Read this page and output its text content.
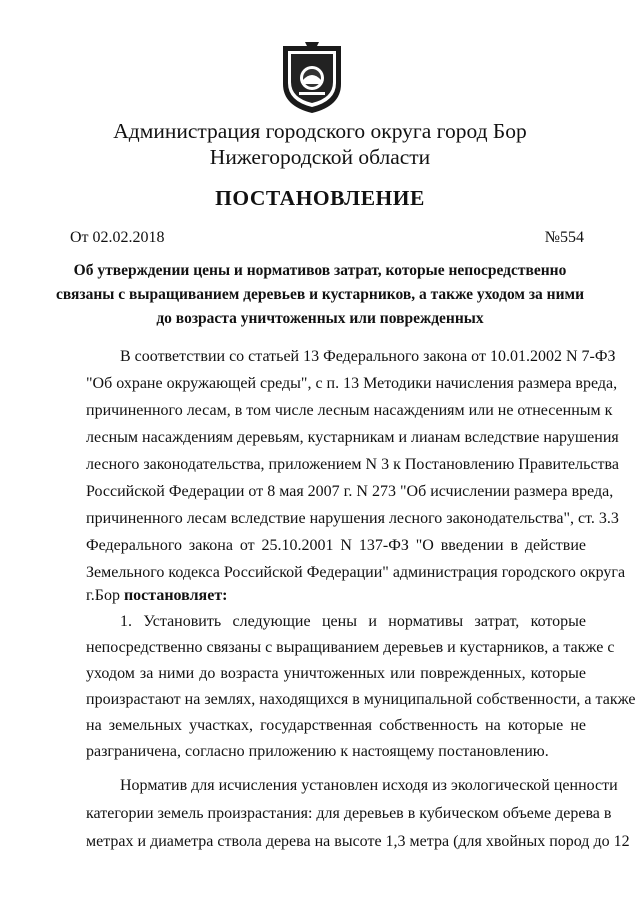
Администрация городского округа город Бор
Нижегородской области
ПОСТАНОВЛЕНИЕ
От 02.02.2018	№554
Об утверждении цены и нормативов затрат, которые непосредственно
связаны с выращиванием деревьев и кустарников, а также уходом за ними
до возраста уничтоженных или поврежденных
В соответствии со статьей 13 Федерального закона от 10.01.2002 N 7-ФЗ
"Об охране окружающей среды", с п. 13 Методики начисления размера вреда,
причиненного лесам, в том числе лесным насаждениям или не отнесенным к
лесным насаждениям деревьям, кустарникам и лианам вследствие нарушения
лесного законодательства, приложением N 3 к Постановлению Правительства
Российской Федерации от 8 мая 2007 г. N 273 "Об исчислении размера вреда,
причиненного лесам вследствие нарушения лесного законодательства", ст. 3.3
Федерального закона от 25.10.2001 N 137-ФЗ "О введении в действие
Земельного кодекса Российской Федерации" администрация городского округа
г.Бор постановляет:
1. Установить следующие цены и нормативы затрат, которые
непосредственно связаны с выращиванием деревьев и кустарников, а также с
уходом за ними до возраста уничтоженных или поврежденных, которые
произрастают на землях, находящихся в муниципальной собственности, а также
на земельных участках, государственная собственность на которые не
разграничена, согласно приложению к настоящему постановлению.
Норматив для исчисления установлен исходя из экологической ценности
категории земель произрастания: для деревьев в кубическом объеме дерева в
метрах и диаметра ствола дерева на высоте 1,3 метра (для хвойных пород до 12
